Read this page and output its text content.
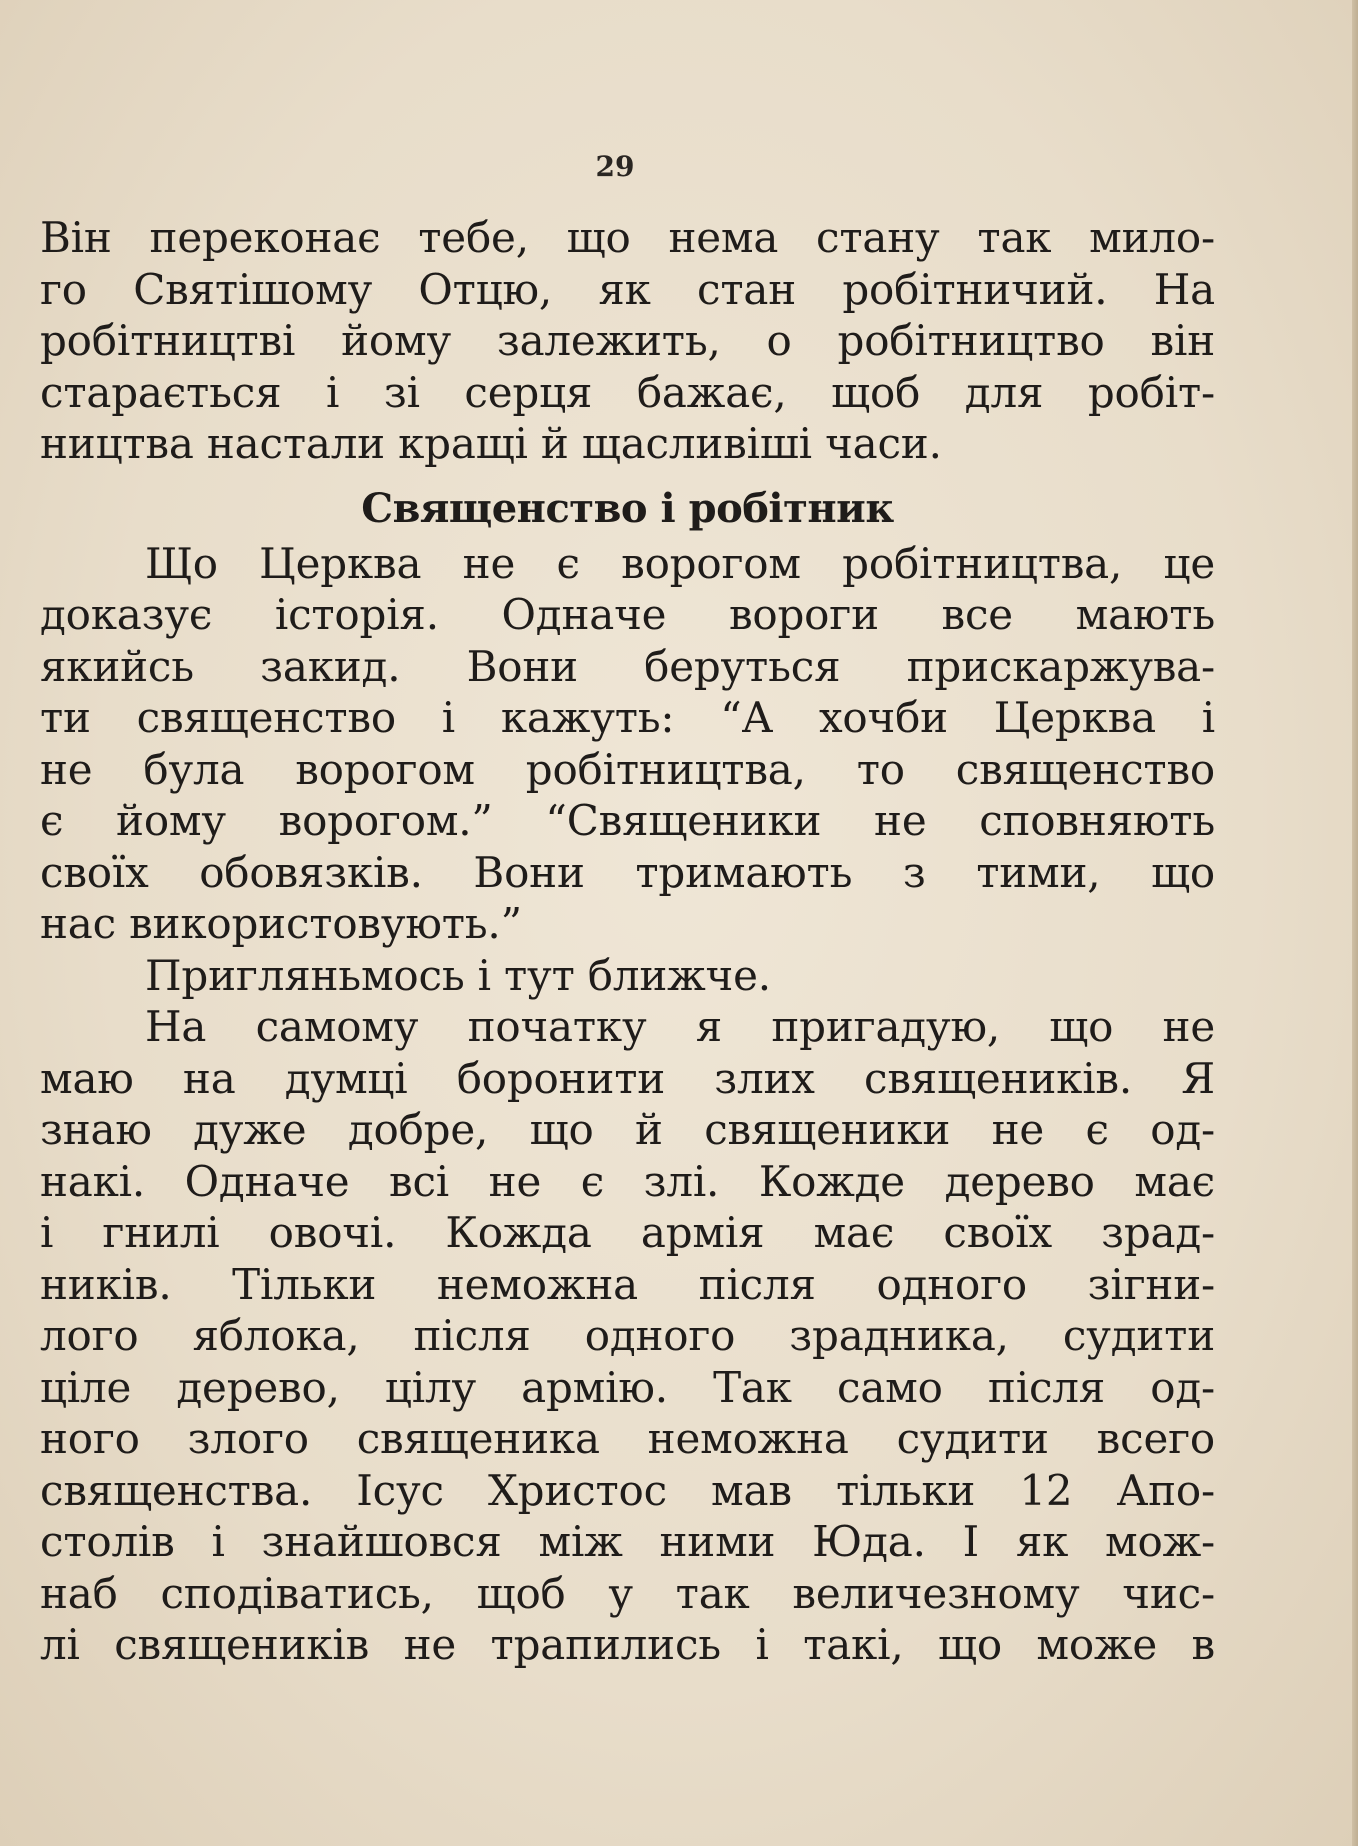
29
Він переконає тебе, що нема стану так мило-
го Святішому Отцю, як стан робітничий. На
робітництві йому залежить, о робітництво він
старається і зі серця бажає, щоб для робіт-
ництва настали кращі й щасливіші часи.
Священство і робітник
Що Церква не є ворогом робітництва, це
доказує історія. Одначе вороги все мають
якийсь закид. Вони беруться прискаржува-
ти священство і кажуть: “А хочби Церква і
не була ворогом робітництва, то священство
є йому ворогом.” “Священики не сповняють
своїх обовязків. Вони тримають з тими, що
нас використовують.”
Пригляньмось і тут ближче.
На самому початку я пригадую, що не
маю на думці боронити злих священиків. Я
знаю дуже добре, що й священики не є од-
накі. Одначе всі не є злі. Кожде дерево має
і гнилі овочі. Кожда армія має своїх зрад-
ників. Тільки неможна після одного зігни-
лого яблока, після одного зрадника, судити
ціле дерево, цілу армію. Так само після од-
ного злого священика неможна судити всего
священства. Ісус Христос мав тільки 12 Апо-
столів і знайшовся між ними Юда. І як мож-
наб сподіватись, щоб у так величезному чис-
лі священиків не трапились і такі, що може в
